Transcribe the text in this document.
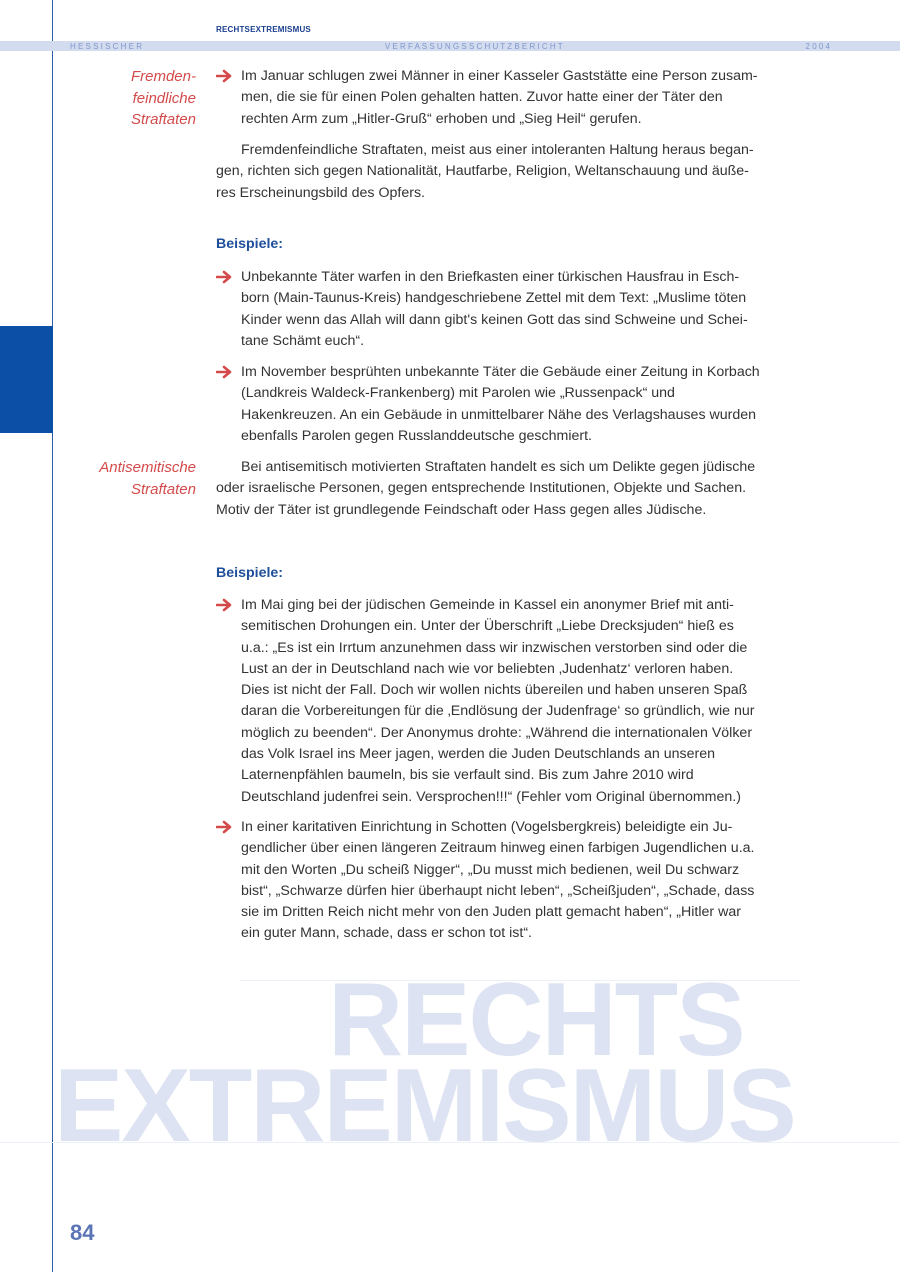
RECHTSEXTREMISMUS
H E S S I S C H E R	V E R F A S S U N G S S C H U T Z B E R I C H T	2 0 0 4
Fremden-
feindliche
Straftaten
Im Januar schlugen zwei Männer in einer Kasseler Gaststätte eine Person zusammen, die sie für einen Polen gehalten hatten. Zuvor hatte einer der Täter den rechten Arm zum „Hitler-Gruß“ erhoben und „Sieg Heil“ gerufen.
Fremdenfeindliche Straftaten, meist aus einer intoleranten Haltung heraus begangen, richten sich gegen Nationalität, Hautfarbe, Religion, Weltanschauung und äußeres Erscheinungsbild des Opfers.
Beispiele:
Unbekannte Täter warfen in den Briefkasten einer türkischen Hausfrau in Eschborn (Main-Taunus-Kreis) handgeschriebene Zettel mit dem Text: „Muslime töten Kinder wenn das Allah will dann gibt's keinen Gott das sind Schweine und Scheitane Schämt euch“.
Im November besprühten unbekannte Täter die Gebäude einer Zeitung in Korbach (Landkreis Waldeck-Frankenberg) mit Parolen wie „Russenpack“ und Hakenkreuzen. An ein Gebäude in unmittelbarer Nähe des Verlagshauses wurden ebenfalls Parolen gegen Russlanddeutsche geschmiert.
Antisemitische
Straftaten
Bei antisemitisch motivierten Straftaten handelt es sich um Delikte gegen jüdische oder israelische Personen, gegen entsprechende Institutionen, Objekte und Sachen. Motiv der Täter ist grundlegende Feindschaft oder Hass gegen alles Jüdische.
Beispiele:
Im Mai ging bei der jüdischen Gemeinde in Kassel ein anonymer Brief mit antisemitischen Drohungen ein. Unter der Überschrift „Liebe Drecksjuden“ hieß es u.a.: „Es ist ein Irrtum anzunehmen dass wir inzwischen verstorben sind oder die Lust an der in Deutschland nach wie vor beliebten ‚Judenhatz‘ verloren haben. Dies ist nicht der Fall. Doch wir wollen nichts übereilen und haben unseren Spaß daran die Vorbereitungen für die ‚Endlösung der Judenfrage‘ so gründlich, wie nur möglich zu beenden“. Der Anonymus drohte: „Während die internationalen Völker das Volk Israel ins Meer jagen, werden die Juden Deutschlands an unseren Laternenpfählen baumeln, bis sie verfault sind. Bis zum Jahre 2010 wird Deutschland judenfrei sein. Versprochen!!!“ (Fehler vom Original übernommen.)
In einer karitativen Einrichtung in Schotten (Vogelsbergkreis) beleidigte ein Jugendlicher über einen längeren Zeitraum hinweg einen farbigen Jugendlichen u.a. mit den Worten „Du scheiß Nigger“, „Du musst mich bedienen, weil Du schwarz bist“, „Schwarze dürfen hier überhaupt nicht leben“, „Scheißjuden“, „Schade, dass sie im Dritten Reich nicht mehr von den Juden platt gemacht haben“, „Hitler war ein guter Mann, schade, dass er schon tot ist“.
RECHTS
EXTREMISMUS
84
